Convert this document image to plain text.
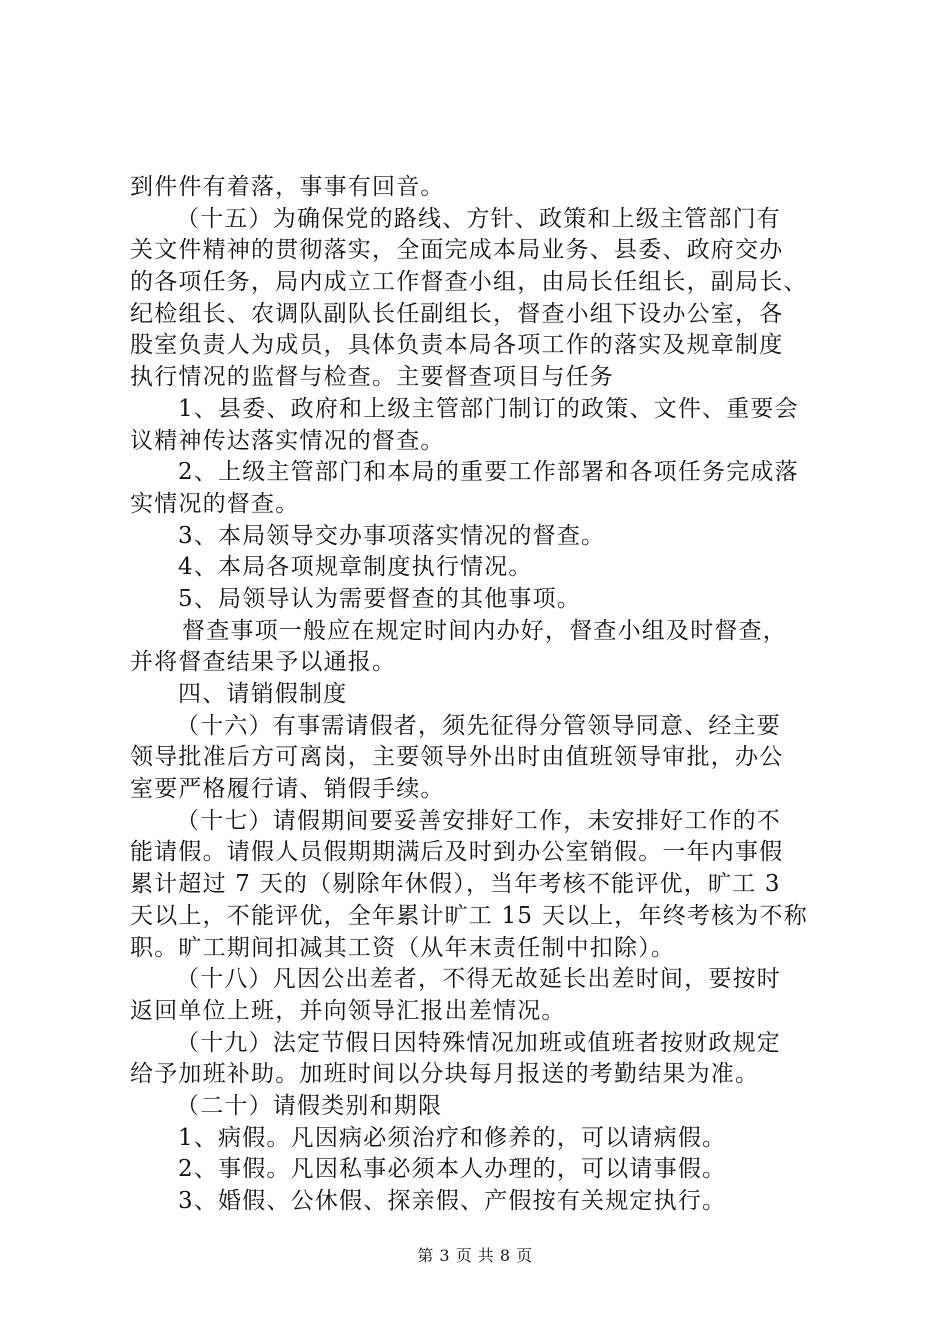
到件件有着落，事事有回音。
（十五）为确保党的路线、方针、政策和上级主管部门有
关文件精神的贯彻落实，全面完成本局业务、县委、政府交办
的各项任务，局内成立工作督查小组，由局长任组长，副局长、
纪检组长、农调队副队长任副组长，督查小组下设办公室，各
股室负责人为成员，具体负责本局各项工作的落实及规章制度
执行情况的监督与检查。主要督查项目与任务
1、县委、政府和上级主管部门制订的政策、文件、重要会
议精神传达落实情况的督查。
2、上级主管部门和本局的重要工作部署和各项任务完成落
实情况的督查。
3、本局领导交办事项落实情况的督查。
4、本局各项规章制度执行情况。
5、局领导认为需要督查的其他事项。
督查事项一般应在规定时间内办好，督查小组及时督查，
并将督查结果予以通报。
四、请销假制度
（十六）有事需请假者，须先征得分管领导同意、经主要
领导批准后方可离岗，主要领导外出时由值班领导审批，办公
室要严格履行请、销假手续。
（十七）请假期间要妥善安排好工作，未安排好工作的不
能请假。请假人员假期期满后及时到办公室销假。一年内事假
累计超过 7 天的（剔除年休假），当年考核不能评优，旷工 3
天以上，不能评优，全年累计旷工 15 天以上，年终考核为不称
职。旷工期间扣减其工资（从年末责任制中扣除）。
（十八）凡因公出差者，不得无故延长出差时间，要按时
返回单位上班，并向领导汇报出差情况。
（十九）法定节假日因特殊情况加班或值班者按财政规定
给予加班补助。加班时间以分块每月报送的考勤结果为准。
（二十）请假类别和期限
1、病假。凡因病必须治疗和修养的，可以请病假。
2、事假。凡因私事必须本人办理的，可以请事假。
3、婚假、公休假、探亲假、产假按有关规定执行。
第 3 页 共 8 页
